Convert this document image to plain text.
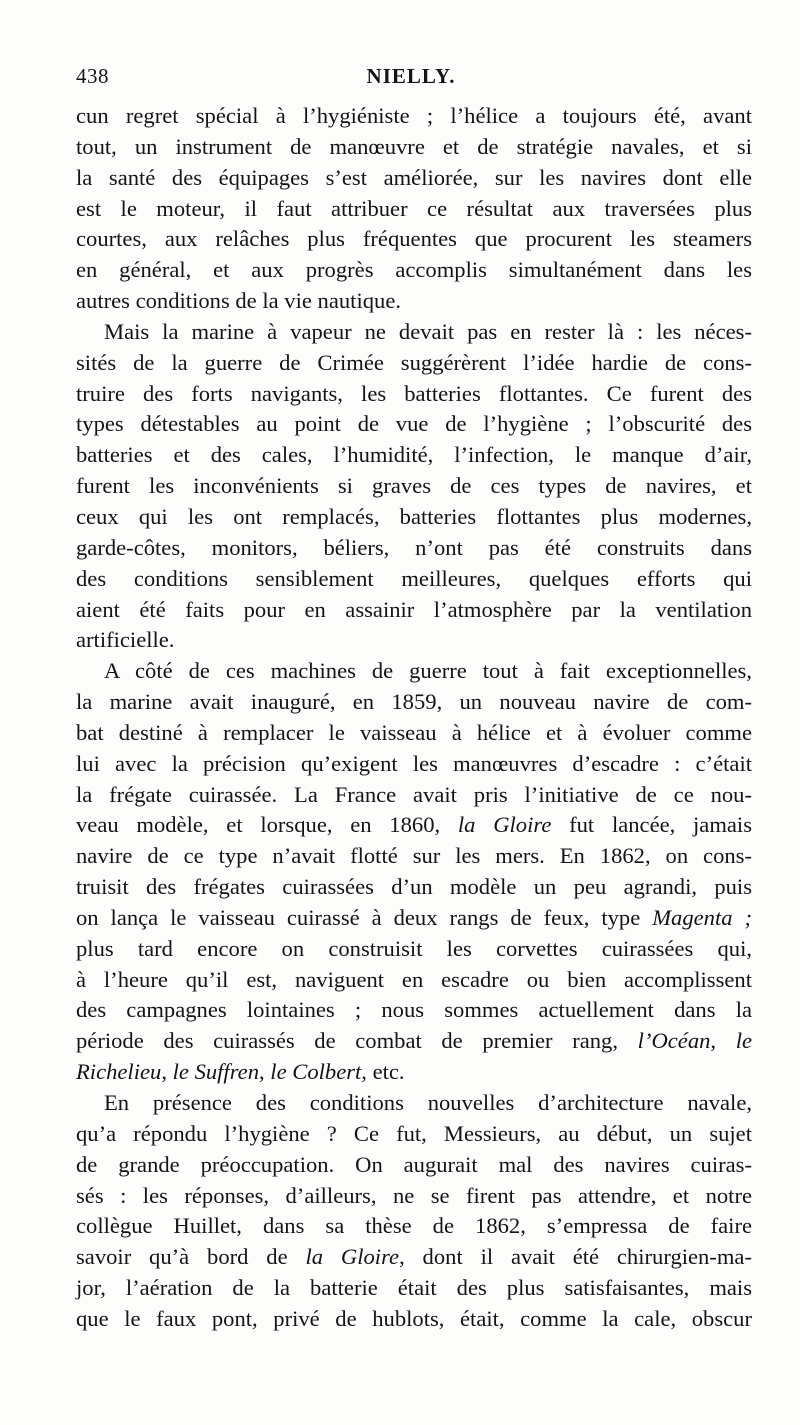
438	NIELLY.
cun regret spécial à l’hygiéniste ; l’hélice a toujours été, avant
tout, un instrument de manœuvre et de stratégie navales, et si
la santé des équipages s’est améliorée, sur les navires dont elle
est le moteur, il faut attribuer ce résultat aux traversées plus
courtes, aux relâches plus fréquentes que procurent les steamers
en général, et aux progrès accomplis simultanément dans les
autres conditions de la vie nautique.
Mais la marine à vapeur ne devait pas en rester là : les néces-
sités de la guerre de Crimée suggérèrent l’idée hardie de cons-
truire des forts navigants, les batteries flottantes. Ce furent des
types détestables au point de vue de l’hygiène ; l’obscurité des
batteries et des cales, l’humidité, l’infection, le manque d’air,
furent les inconvénients si graves de ces types de navires, et
ceux qui les ont remplacés, batteries flottantes plus modernes,
garde-côtes, monitors, béliers, n’ont pas été construits dans
des conditions sensiblement meilleures, quelques efforts qui
aient été faits pour en assainir l’atmosphère par la ventilation
artificielle.
A côté de ces machines de guerre tout à fait exceptionnelles,
la marine avait inauguré, en 1859, un nouveau navire de com-
bat destiné à remplacer le vaisseau à hélice et à évoluer comme
lui avec la précision qu’exigent les manœuvres d’escadre : c’était
la frégate cuirassée. La France avait pris l’initiative de ce nou-
veau modèle, et lorsque, en 1860, la Gloire fut lancée, jamais
navire de ce type n’avait flotté sur les mers. En 1862, on cons-
truisit des frégates cuirassées d’un modèle un peu agrandi, puis
on lança le vaisseau cuirassé à deux rangs de feux, type Magenta ;
plus tard encore on construisit les corvettes cuirassées qui,
à l’heure qu’il est, naviguent en escadre ou bien accomplissent
des campagnes lointaines ; nous sommes actuellement dans la
période des cuirassés de combat de premier rang, l’Océan, le
Richelieu, le Suffren, le Colbert, etc.
En présence des conditions nouvelles d’architecture navale,
qu’a répondu l’hygiène ? Ce fut, Messieurs, au début, un sujet
de grande préoccupation. On augurait mal des navires cuiras-
sés : les réponses, d’ailleurs, ne se firent pas attendre, et notre
collègue Huillet, dans sa thèse de 1862, s’empressa de faire
savoir qu’à bord de la Gloire, dont il avait été chirurgien-ma-
jor, l’aération de la batterie était des plus satisfaisantes, mais
que le faux pont, privé de hublots, était, comme la cale, obscur
